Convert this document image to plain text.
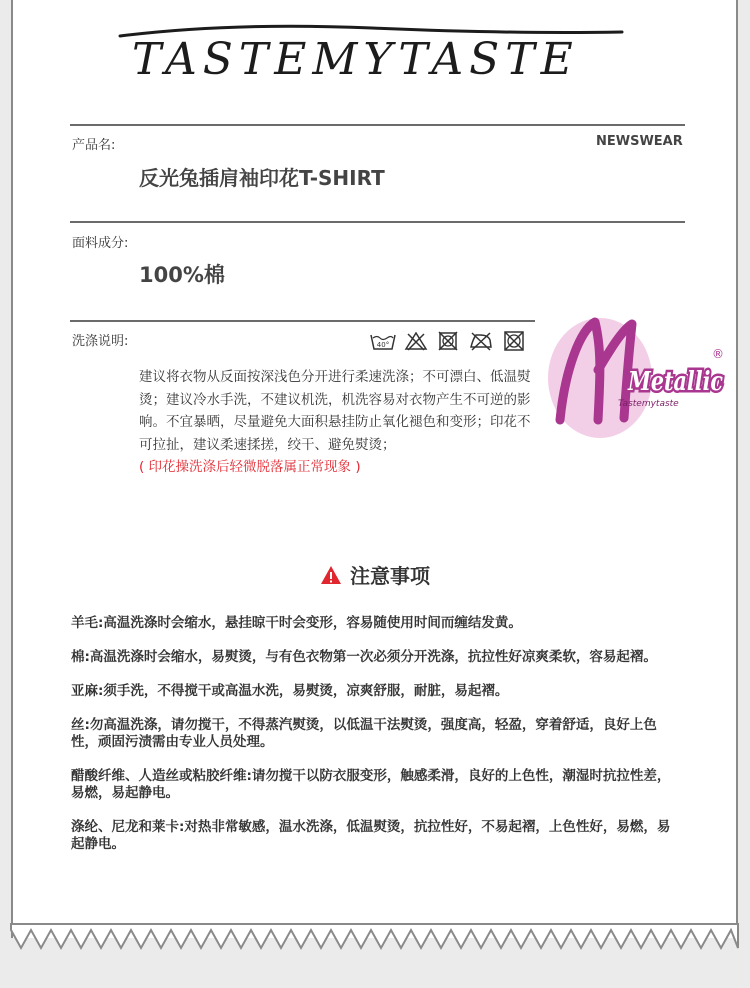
TASTEMYTASTE
产品名:	NEWSWEAR
反光兔插肩袖印花T-SHIRT
面料成分:
100%棉
洗涤说明:	40°
建议将衣物从反面按深浅色分开进行柔速洗涤；不可漂白、低温熨烫；建议冷水手洗，不建议机洗，机洗容易对衣物产生不可逆的影响。不宜暴晒，尽量避免大面积悬挂防止氧化褪色和变形；印花不可拉扯，建议柔速揉搓，绞干、避免熨烫；
( 印花操洗涤后轻微脱落属正常现象 )
Metallic
Tastemytaste
®
注意事项

羊毛:高温洗涤时会缩水，悬挂晾干时会变形，容易随使用时间而缠结发黄。

棉:高温洗涤时会缩水，易熨烫，与有色衣物第一次必须分开洗涤，抗拉性好凉爽柔软，容易起褶。

亚麻:须手洗，不得搅干或高温水洗，易熨烫，凉爽舒服，耐脏，易起褶。

丝:勿高温洗涤，请勿搅干，不得蒸汽熨烫，以低温干法熨烫，强度高，轻盈，穿着舒适，良好上色性，顽固污渍需由专业人员处理。

醋酸纤维、人造丝或粘胶纤维:请勿搅干以防衣服变形，触感柔滑，良好的上色性，潮湿时抗拉性差，易燃，易起静电。

涤纶、尼龙和莱卡:对热非常敏感，温水洗涤，低温熨烫，抗拉性好，不易起褶，上色性好，易燃，易起静电。
